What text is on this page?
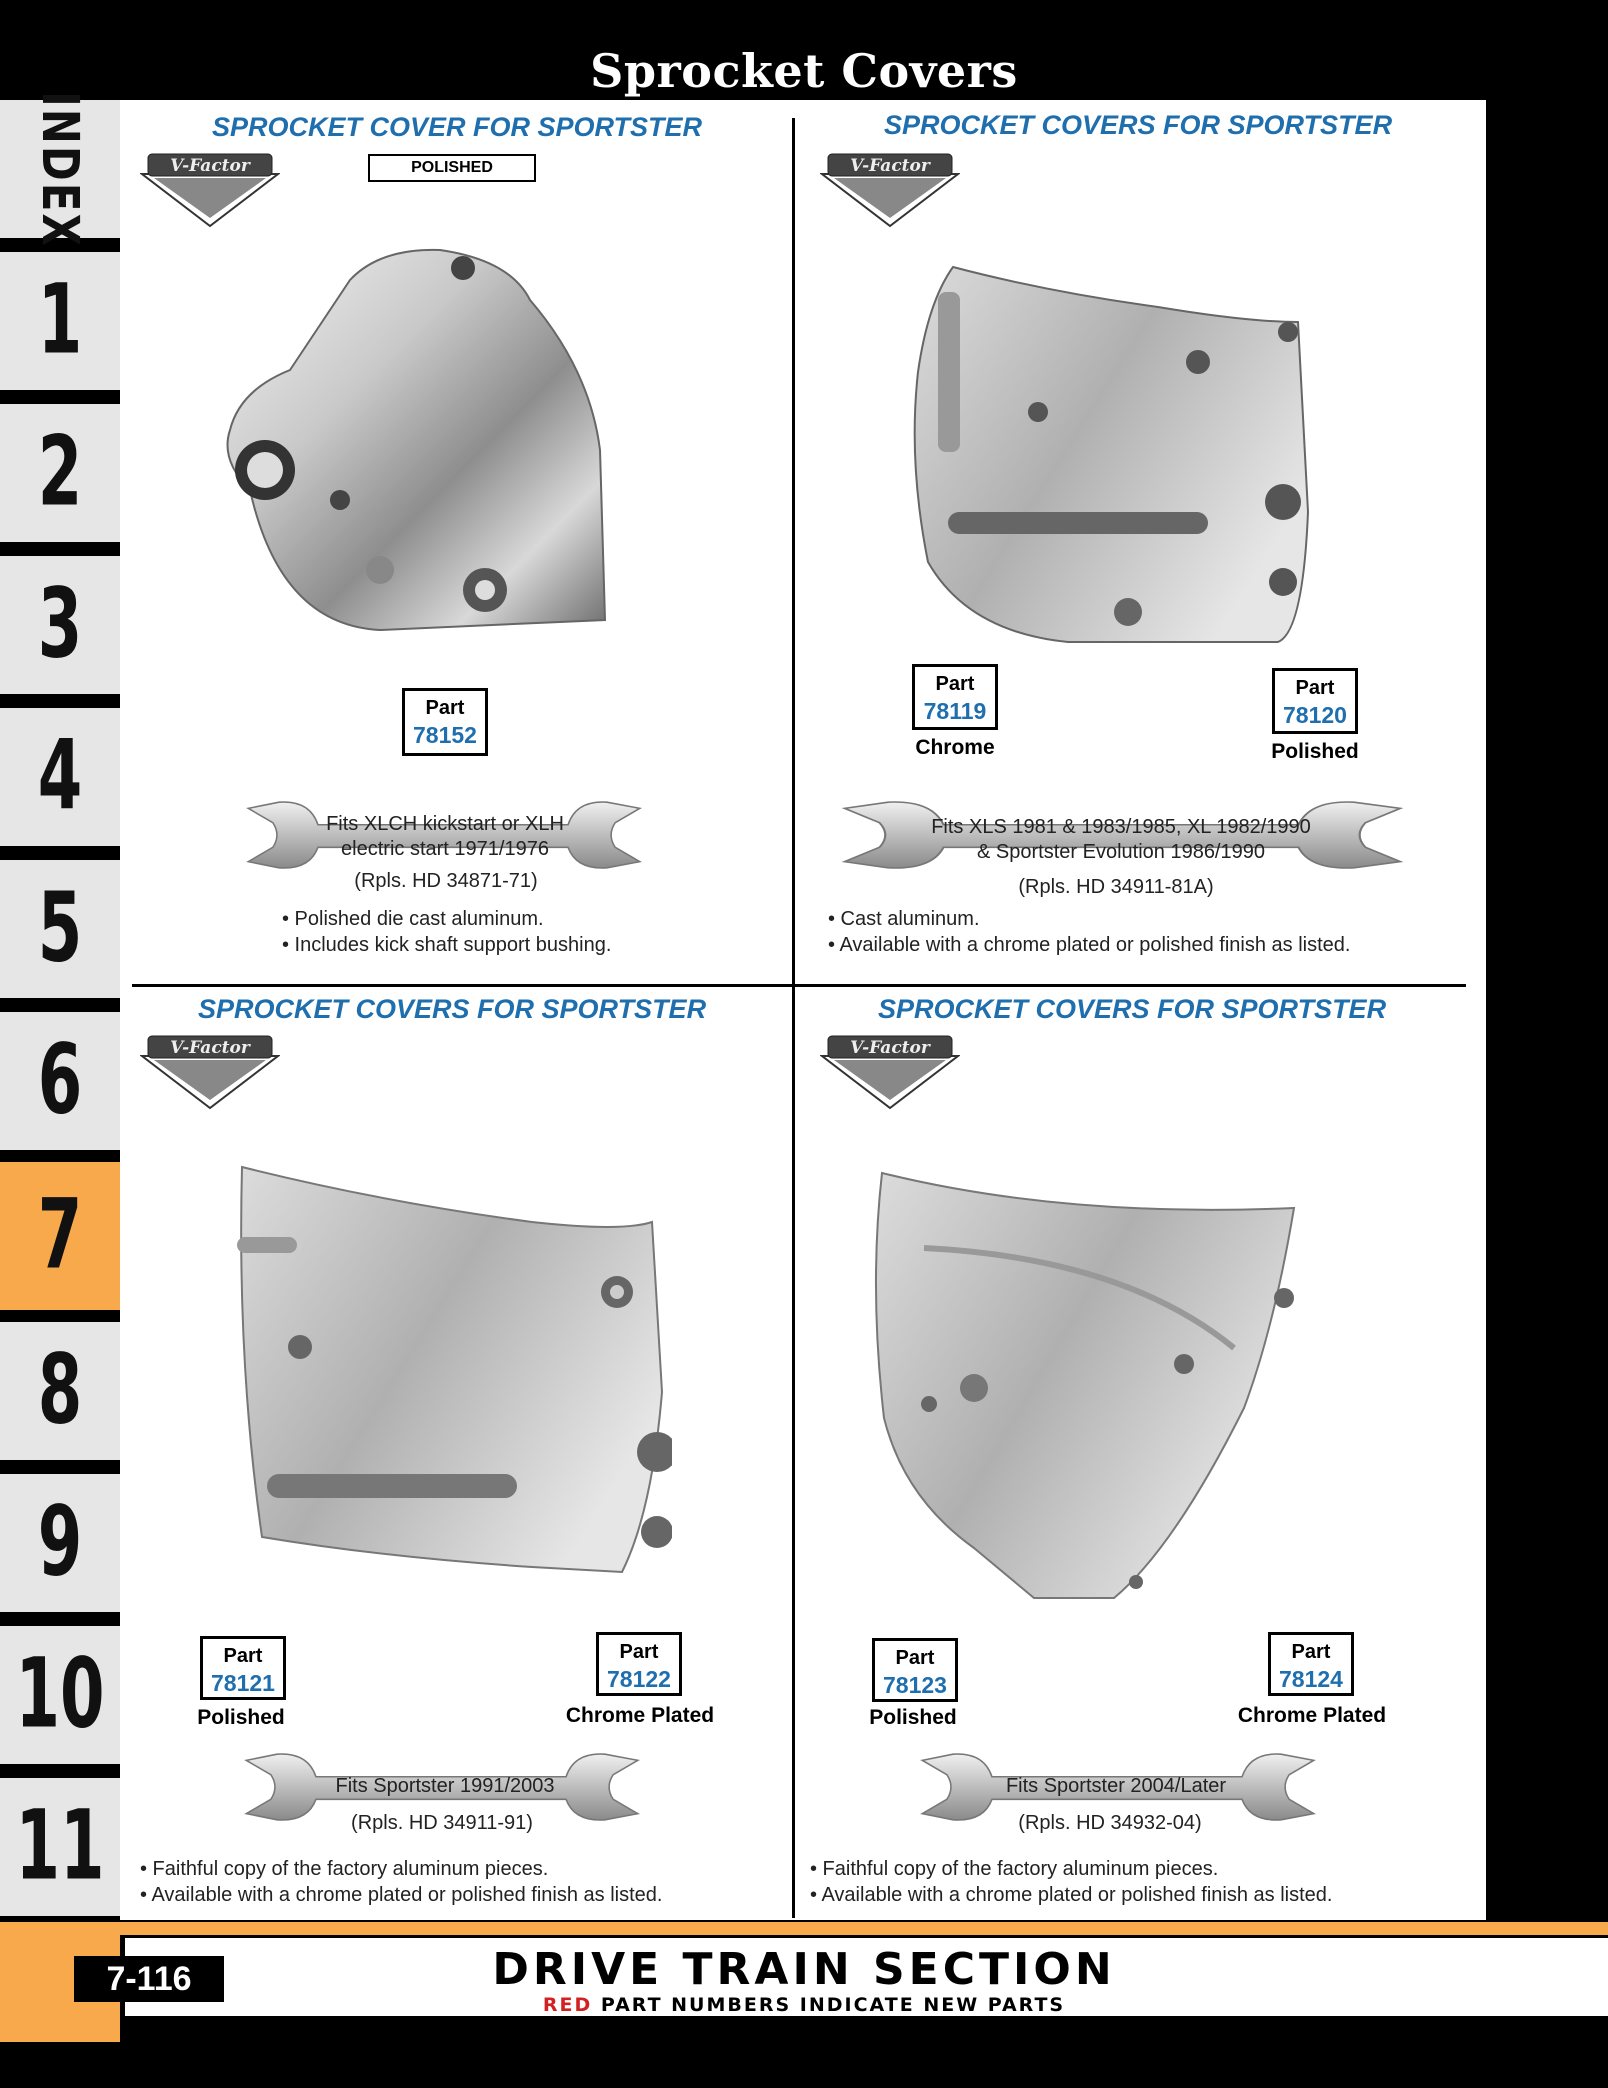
Sprocket Covers
INDEX
1
2
3
4
5
6
7
8
9
10
11
SPROCKET COVER FOR SPORTSTER
POLISHED
Part
78152
Fits XLCH kickstart or XLH electric start 1971/1976
(Rpls. HD 34871-71)
• Polished die cast aluminum.
• Includes kick shaft support bushing.
SPROCKET COVERS FOR SPORTSTER
Part
78119
Chrome
Part
78120
Polished
Fits XLS 1981 & 1983/1985, XL 1982/1990
& Sportster Evolution 1986/1990
(Rpls. HD 34911-81A)
• Cast aluminum.
• Available with a chrome plated or polished finish as listed.
SPROCKET COVERS FOR SPORTSTER
Part
78121
Polished
Part
78122
Chrome Plated
Fits Sportster 1991/2003
(Rpls. HD 34911-91)
• Faithful copy of the factory aluminum pieces.
• Available with a chrome plated or polished finish as listed.
SPROCKET COVERS FOR SPORTSTER
Part
78123
Polished
Part
78124
Chrome Plated
Fits Sportster 2004/Later
(Rpls. HD 34932-04)
• Faithful copy of the factory aluminum pieces.
• Available with a chrome plated or polished finish as listed.
7-116	DRIVE TRAIN SECTION
RED PART NUMBERS INDICATE NEW PARTS
